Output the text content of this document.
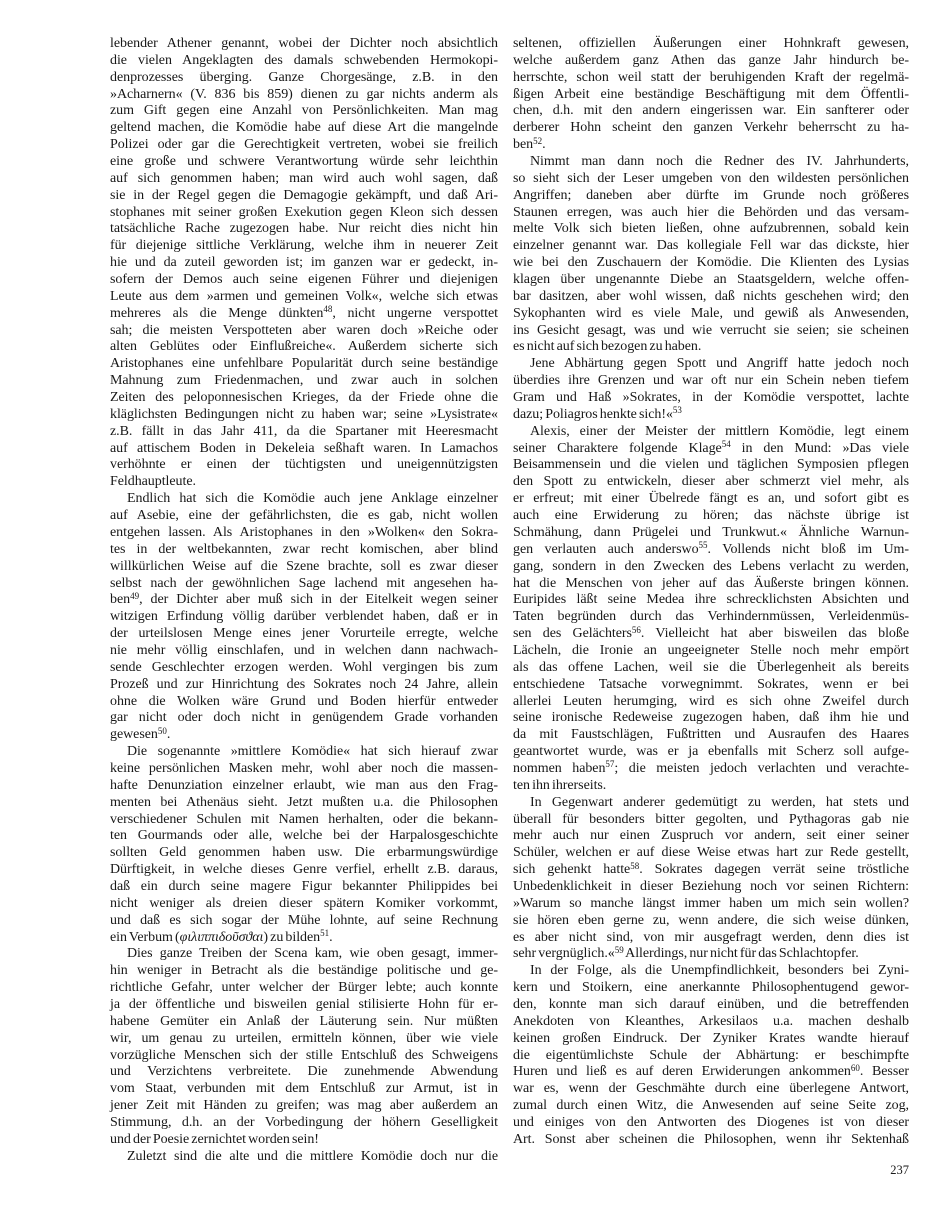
lebender Athener genannt, wobei der Dichter noch absichtlich
die vielen Angeklagten des damals schwebenden Hermokopi-
denprozesses überging. Ganze Chorgesänge, z.B. in den
»Acharnern« (V. 836 bis 859) dienen zu gar nichts anderm als
zum Gift gegen eine Anzahl von Persönlichkeiten. Man mag
geltend machen, die Komödie habe auf diese Art die mangelnde
Polizei oder gar die Gerechtigkeit vertreten, wobei sie freilich
eine große und schwere Verantwortung würde sehr leichthin
auf sich genommen haben; man wird auch wohl sagen, daß
sie in der Regel gegen die Demagogie gekämpft, und daß Ari-
stophanes mit seiner großen Exekution gegen Kleon sich dessen
tatsächliche Rache zugezogen habe. Nur reicht dies nicht hin
für diejenige sittliche Verklärung, welche ihm in neuerer Zeit
hie und da zuteil geworden ist; im ganzen war er gedeckt, in-
sofern der Demos auch seine eigenen Führer und diejenigen
Leute aus dem »armen und gemeinen Volk«, welche sich etwas
mehreres als die Menge dünkten$^{48}$, nicht ungerne verspottet
sah; die meisten Verspotteten aber waren doch »Reiche oder
alten Geblütes oder Einflußreiche«. Außerdem sicherte sich
Aristophanes eine unfehlbare Popularität durch seine beständige
Mahnung zum Friedenmachen, und zwar auch in solchen
Zeiten des peloponnesischen Krieges, da der Friede ohne die
kläglichsten Bedingungen nicht zu haben war; seine »Lysistrate«
z.B. fällt in das Jahr 411, da die Spartaner mit Heeresmacht
auf attischem Boden in Dekeleia seßhaft waren. In Lamachos
verhöhnte er einen der tüchtigsten und uneigennützigsten
Feldhauptleute.
Endlich hat sich die Komödie auch jene Anklage einzelner
auf Asebie, eine der gefährlichsten, die es gab, nicht wollen
entgehen lassen. Als Aristophanes in den »Wolken« den Sokra-
tes in der weltbekannten, zwar recht komischen, aber blind
willkürlichen Weise auf die Szene brachte, soll es zwar dieser
selbst nach der gewöhnlichen Sage lachend mit angesehen ha-
ben$^{49}$, der Dichter aber muß sich in der Eitelkeit wegen seiner
witzigen Erfindung völlig darüber verblendet haben, daß er in
der urteilslosen Menge eines jener Vorurteile erregte, welche
nie mehr völlig einschlafen, und in welchen dann nachwach-
sende Geschlechter erzogen werden. Wohl vergingen bis zum
Prozeß und zur Hinrichtung des Sokrates noch 24 Jahre, allein
ohne die Wolken wäre Grund und Boden hierfür entweder
gar nicht oder doch nicht in genügendem Grade vorhanden
gewesen$^{50}$.
Die sogenannte »mittlere Komödie« hat sich hierauf zwar
keine persönlichen Masken mehr, wohl aber noch die massen-
hafte Denunziation einzelner erlaubt, wie man aus den Frag-
menten bei Athenäus sieht. Jetzt mußten u.a. die Philosophen
verschiedener Schulen mit Namen herhalten, oder die bekann-
ten Gourmands oder alle, welche bei der Harpalosgeschichte
sollten Geld genommen haben usw. Die erbarmungswürdige
Dürftigkeit, in welche dieses Genre verfiel, erhellt z.B. daraus,
daß ein durch seine magere Figur bekannter Philippides bei
nicht weniger als dreien dieser spätern Komiker vorkommt,
und daß es sich sogar der Mühe lohnte, auf seine Rechnung
ein Verbum (φιλιππιδοῦσϑαι) zu bilden$^{51}$.
Dies ganze Treiben der Scena kam, wie oben gesagt, immer-
hin weniger in Betracht als die beständige politische und ge-
richtliche Gefahr, unter welcher der Bürger lebte; auch konnte
ja der öffentliche und bisweilen genial stilisierte Hohn für er-
habene Gemüter ein Anlaß der Läuterung sein. Nur müßten
wir, um genau zu urteilen, ermitteln können, über wie viele
vorzügliche Menschen sich der stille Entschluß des Schweigens
und Verzichtens verbreitete. Die zunehmende Abwendung
vom Staat, verbunden mit dem Entschluß zur Armut, ist in
jener Zeit mit Händen zu greifen; was mag aber außerdem an
Stimmung, d.h. an der Vorbedingung der höhern Geselligkeit
und der Poesie zernichtet worden sein!
Zuletzt sind die alte und die mittlere Komödie doch nur die
seltenen, offiziellen Äußerungen einer Hohnkraft gewesen,
welche außerdem ganz Athen das ganze Jahr hindurch be-
herrschte, schon weil statt der beruhigenden Kraft der regelmä-
ßigen Arbeit eine beständige Beschäftigung mit dem Öffentli-
chen, d.h. mit den andern eingerissen war. Ein sanfterer oder
derberer Hohn scheint den ganzen Verkehr beherrscht zu ha-
ben$^{52}$.
Nimmt man dann noch die Redner des IV. Jahrhunderts,
so sieht sich der Leser umgeben von den wildesten persönlichen
Angriffen; daneben aber dürfte im Grunde noch größeres
Staunen erregen, was auch hier die Behörden und das versam-
melte Volk sich bieten ließen, ohne aufzubrennen, sobald kein
einzelner genannt war. Das kollegiale Fell war das dickste, hier
wie bei den Zuschauern der Komödie. Die Klienten des Lysias
klagen über ungenannte Diebe an Staatsgeldern, welche offen-
bar dasitzen, aber wohl wissen, daß nichts geschehen wird; den
Sykophanten wird es viele Male, und gewiß als Anwesenden,
ins Gesicht gesagt, was und wie verrucht sie seien; sie scheinen
es nicht auf sich bezogen zu haben.
Jene Abhärtung gegen Spott und Angriff hatte jedoch noch
überdies ihre Grenzen und war oft nur ein Schein neben tiefem
Gram und Haß »Sokrates, in der Komödie verspottet, lachte
dazu; Poliagros henkte sich!«$^{53}$
Alexis, einer der Meister der mittlern Komödie, legt einem
seiner Charaktere folgende Klage$^{54}$ in den Mund: »Das viele
Beisammensein und die vielen und täglichen Symposien pflegen
den Spott zu entwickeln, dieser aber schmerzt viel mehr, als
er erfreut; mit einer Übelrede fängt es an, und sofort gibt es
auch eine Erwiderung zu hören; das nächste übrige ist
Schmähung, dann Prügelei und Trunkwut.« Ähnliche Warnun-
gen verlauten auch anderswo$^{55}$. Vollends nicht bloß im Um-
gang, sondern in den Zwecken des Lebens verlacht zu werden,
hat die Menschen von jeher auf das Äußerste bringen können.
Euripides läßt seine Medea ihre schrecklichsten Absichten und
Taten begründen durch das Verhindernmüssen, Verleidenmüs-
sen des Gelächters$^{56}$. Vielleicht hat aber bisweilen das bloße
Lächeln, die Ironie an ungeeigneter Stelle noch mehr empört
als das offene Lachen, weil sie die Überlegenheit als bereits
entschiedene Tatsache vorwegnimmt. Sokrates, wenn er bei
allerlei Leuten herumging, wird es sich ohne Zweifel durch
seine ironische Redeweise zugezogen haben, daß ihm hie und
da mit Faustschlägen, Fußtritten und Ausraufen des Haares
geantwortet wurde, was er ja ebenfalls mit Scherz soll aufge-
nommen haben$^{57}$; die meisten jedoch verlachten und verachte-
ten ihn ihrerseits.
In Gegenwart anderer gedemütigt zu werden, hat stets und
überall für besonders bitter gegolten, und Pythagoras gab nie
mehr auch nur einen Zuspruch vor andern, seit einer seiner
Schüler, welchen er auf diese Weise etwas hart zur Rede gestellt,
sich gehenkt hatte$^{58}$. Sokrates dagegen verrät seine tröstliche
Unbedenklichkeit in dieser Beziehung noch vor seinen Richtern:
»Warum so manche längst immer haben um mich sein wollen?
sie hören eben gerne zu, wenn andere, die sich weise dünken,
es aber nicht sind, von mir ausgefragt werden, denn dies ist
sehr vergnüglich.«$^{59}$ Allerdings, nur nicht für das Schlachtopfer.
In der Folge, als die Unempfindlichkeit, besonders bei Zyni-
kern und Stoikern, eine anerkannte Philosophentugend gewor-
den, konnte man sich darauf einüben, und die betreffenden
Anekdoten von Kleanthes, Arkesilaos u.a. machen deshalb
keinen großen Eindruck. Der Zyniker Krates wandte hierauf
die eigentümlichste Schule der Abhärtung: er beschimpfte
Huren und ließ es auf deren Erwiderungen ankommen$^{60}$. Besser
war es, wenn der Geschmähte durch eine überlegene Antwort,
zumal durch einen Witz, die Anwesenden auf seine Seite zog,
und einiges von den Antworten des Diogenes ist von dieser
Art. Sonst aber scheinen die Philosophen, wenn ihr Sektenhaß
237
